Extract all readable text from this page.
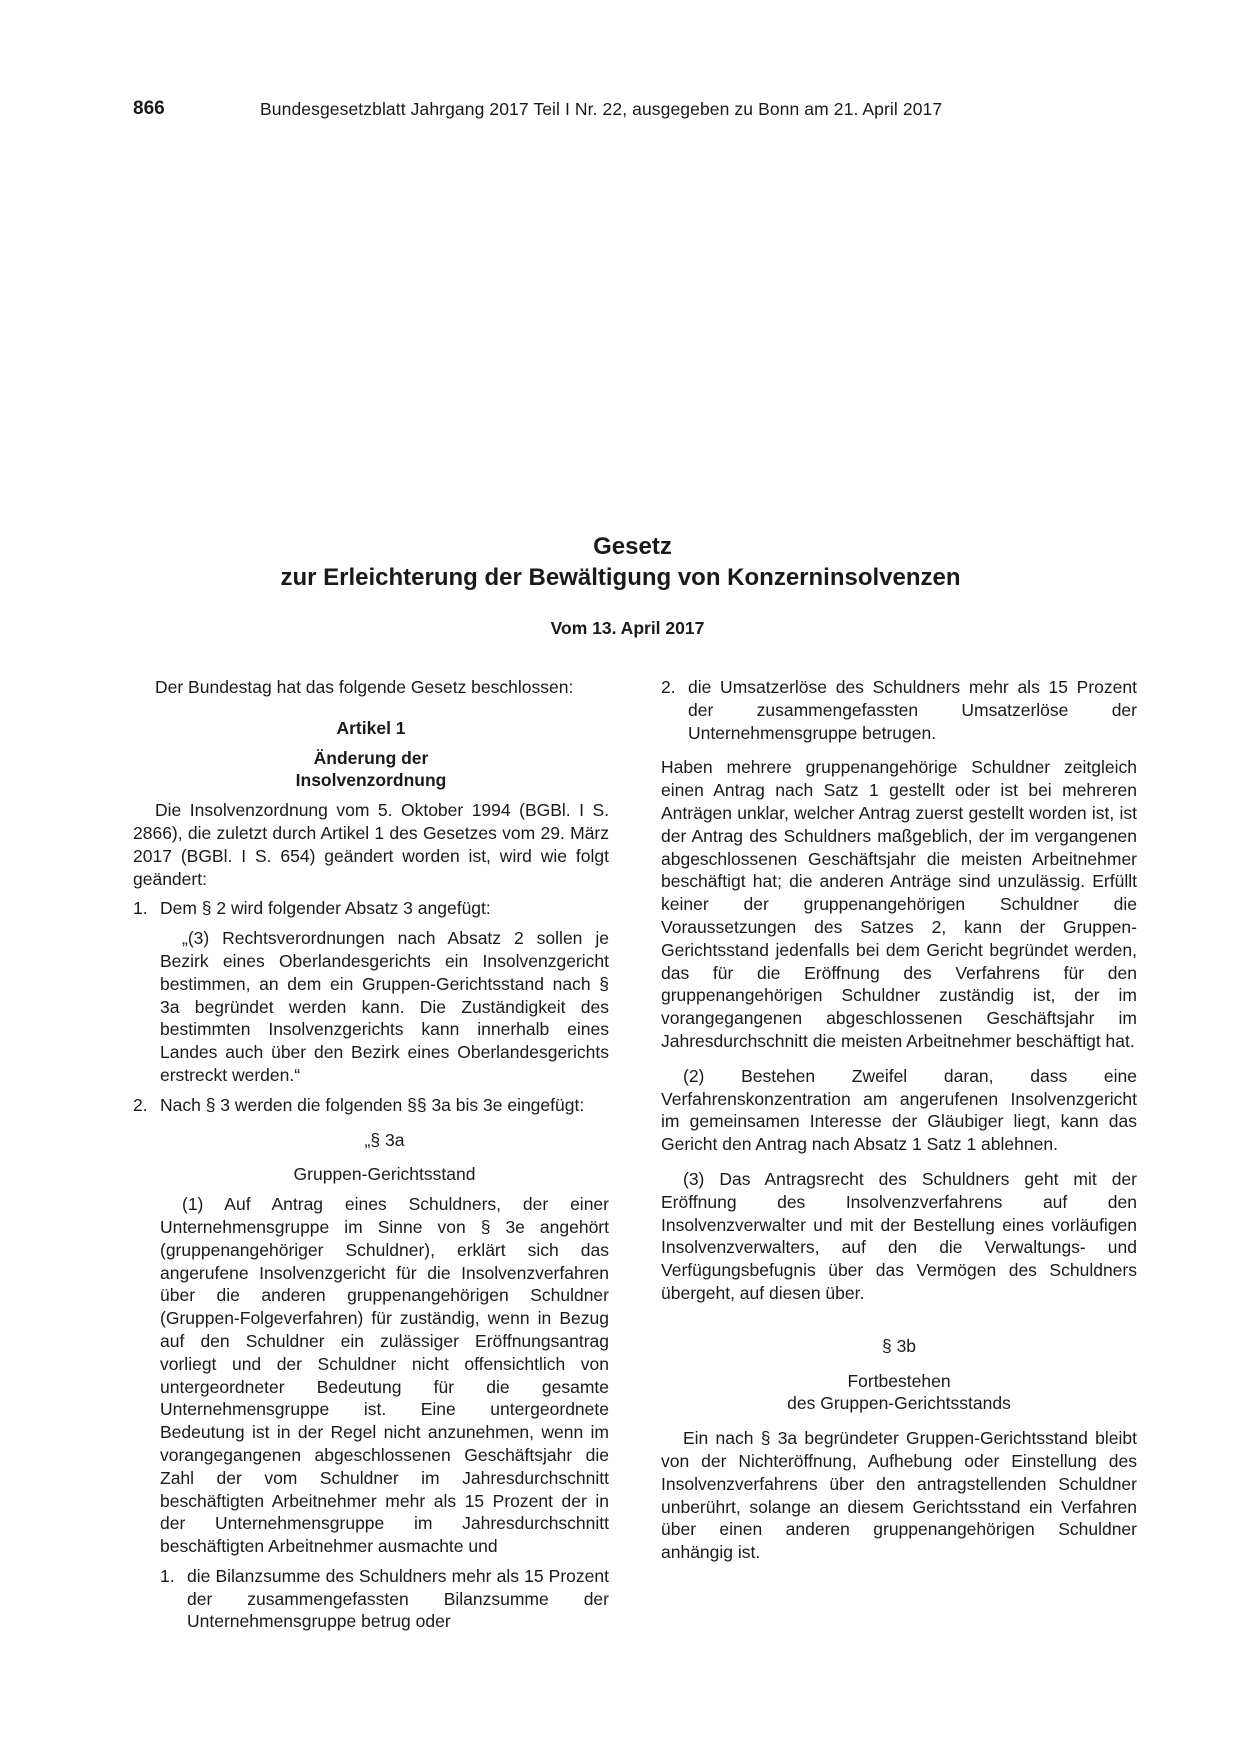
866	Bundesgesetzblatt Jahrgang 2017 Teil I Nr. 22, ausgegeben zu Bonn am 21. April 2017
Gesetz
zur Erleichterung der Bewältigung von Konzerninsolvenzen
Vom 13. April 2017

Der Bundestag hat das folgende Gesetz beschlossen:

Artikel 1

Änderung der

Insolvenzordnung

Die Insolvenzordnung vom 5. Oktober 1994 (BGBl. I S. 2866), die zuletzt durch Artikel 1 des Gesetzes vom 29. März 2017 (BGBl. I S. 654) geändert worden ist, wird wie folgt geändert:

1. Dem § 2 wird folgender Absatz 3 angefügt:

„(3) Rechtsverordnungen nach Absatz 2 sollen je Bezirk eines Oberlandesgerichts ein Insolvenzgericht bestimmen, an dem ein Gruppen-Gerichtsstand nach § 3a begründet werden kann. Die Zuständigkeit des bestimmten Insolvenzgerichts kann innerhalb eines Landes auch über den Bezirk eines Oberlandesgerichts erstreckt werden.“

2. Nach § 3 werden die folgenden §§ 3a bis 3e eingefügt:

„§ 3a

Gruppen-Gerichtsstand

(1) Auf Antrag eines Schuldners, der einer Unternehmensgruppe im Sinne von § 3e angehört (gruppenangehöriger Schuldner), erklärt sich das angerufene Insolvenzgericht für die Insolvenzverfahren über die anderen gruppenangehörigen Schuldner (Gruppen-Folgeverfahren) für zuständig, wenn in Bezug auf den Schuldner ein zulässiger Eröffnungsantrag vorliegt und der Schuldner nicht offensichtlich von untergeordneter Bedeutung für die gesamte Unternehmensgruppe ist. Eine untergeordnete Bedeutung ist in der Regel nicht anzunehmen, wenn im vorangegangenen abgeschlossenen Geschäftsjahr die Zahl der vom Schuldner im Jahresdurchschnitt beschäftigten Arbeitnehmer mehr als 15 Prozent der in der Unternehmensgruppe im Jahresdurchschnitt beschäftigten Arbeitnehmer ausmachte und

1. die Bilanzsumme des Schuldners mehr als 15 Prozent der zusammengefassten Bilanzsumme der Unternehmensgruppe betrug oder
2. die Umsatzerlöse des Schuldners mehr als 15 Prozent der zusammengefassten Umsatzerlöse der Unternehmensgruppe betrugen.

Haben mehrere gruppenangehörige Schuldner zeitgleich einen Antrag nach Satz 1 gestellt oder ist bei mehreren Anträgen unklar, welcher Antrag zuerst gestellt worden ist, ist der Antrag des Schuldners maßgeblich, der im vergangenen abgeschlossenen Geschäftsjahr die meisten Arbeitnehmer beschäftigt hat; die anderen Anträge sind unzulässig. Erfüllt keiner der gruppenangehörigen Schuldner die Voraussetzungen des Satzes 2, kann der Gruppen-Gerichtsstand jedenfalls bei dem Gericht begründet werden, das für die Eröffnung des Verfahrens für den gruppenangehörigen Schuldner zuständig ist, der im vorangegangenen abgeschlossenen Geschäftsjahr im Jahresdurchschnitt die meisten Arbeitnehmer beschäftigt hat.

(2) Bestehen Zweifel daran, dass eine Verfahrenskonzentration am angerufenen Insolvenzgericht im gemeinsamen Interesse der Gläubiger liegt, kann das Gericht den Antrag nach Absatz 1 Satz 1 ablehnen.

(3) Das Antragsrecht des Schuldners geht mit der Eröffnung des Insolvenzverfahrens auf den Insolvenzverwalter und mit der Bestellung eines vorläufigen Insolvenzverwalters, auf den die Verwaltungs- und Verfügungsbefugnis über das Vermögen des Schuldners übergeht, auf diesen über.

§ 3b

Fortbestehen

des Gruppen-Gerichtsstands

Ein nach § 3a begründeter Gruppen-Gerichtsstand bleibt von der Nichteröffnung, Aufhebung oder Einstellung des Insolvenzverfahrens über den antragstellenden Schuldner unberührt, solange an diesem Gerichtsstand ein Verfahren über einen anderen gruppenangehörigen Schuldner anhängig ist.
